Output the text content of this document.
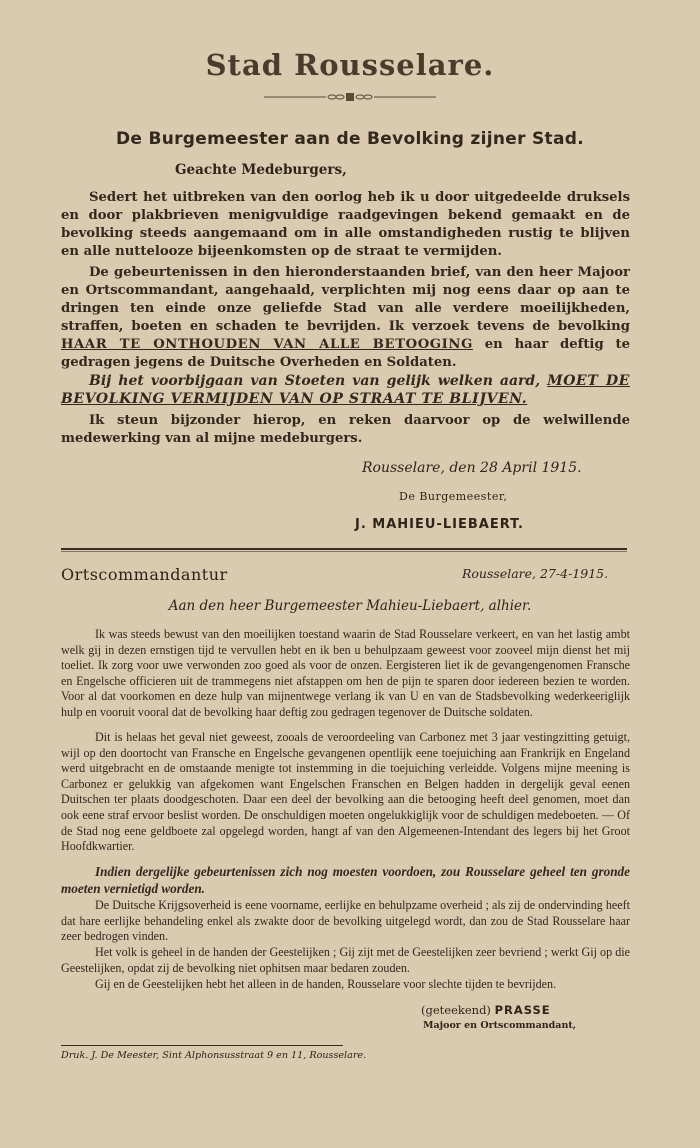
Stad Rousselare.
De Burgemeester aan de Bevolking zijner Stad.
Geachte Medeburgers,

Sedert het uitbreken van den oorlog heb ik u door uitgedeelde druksels en door plakbrieven menigvuldige raadgevingen bekend gemaakt en de bevolking steeds aangemaand om in alle omstandigheden rustig te blijven en alle nuttelooze bijeenkomsten op de straat te vermijden.

De gebeurtenissen in den hieronderstaanden brief, van den heer Majoor en Ortscommandant, aangehaald, verplichten mij nog eens daar op aan te dringen ten einde onze geliefde Stad van alle verdere moeilijkheden, straffen, boeten en schaden te bevrijden. Ik verzoek tevens de bevolking HAAR TE ONTHOUDEN VAN ALLE BETOOGING en haar deftig te gedragen jegens de Duitsche Overheden en Soldaten.

Bij het voorbijgaan van Stoeten van gelijk welken aard, MOET DE BEVOLKING VERMIJDEN VAN OP STRAAT TE BLIJVEN.

Ik steun bijzonder hierop, en reken daarvoor op de welwillende medewerking van al mijne medeburgers.

Rousselare, den 28 April 1915.
De Burgemeester,
J. MAHIEU-LIEBAERT.
Ortscommandantur	Rousselare, 27-4-1915.
Aan den heer Burgemeester Mahieu-Liebaert, alhier.

Ik was steeds bewust van den moeilijken toestand waarin de Stad Rousselare verkeert, en van het lastig ambt welk gij in dezen ernstigen tijd te vervullen hebt en ik ben u behulpzaam geweest voor zooveel mijn dienst het mij toeliet. Ik zorg voor uwe verwonden zoo goed als voor de onzen. Eergisteren liet ik de gevangengenomen Fransche en Engelsche officieren uit de trammegens niet afstappen om hen de pijn te sparen door iedereen bezien te worden. Voor al dat voorkomen en deze hulp van mijnentwege verlang ik van U en van de Stadsbevolking wederkeeriglijk hulp en vooruit vooral dat de bevolking haar deftig zou gedragen tegenover de Duitsche soldaten.

Dit is helaas het geval niet geweest, zooals de veroordeeling van Carbonez met 3 jaar vestingzitting getuigt, wijl op den doortocht van Fransche en Engelsche gevangenen opentlijk eene toejuiching aan Frankrijk en Engeland werd uitgebracht en de omstaande menigte tot instemming in die toejuiching verleidde. Volgens mijne meening is Carbonez er gelukkig van afgekomen want Engelschen Franschen en Belgen hadden in dergelijk geval eenen Duitschen ter plaats doodgeschoten. Daar een deel der bevolking aan die betooging heeft deel genomen, moet dan ook eene straf ervoor beslist worden. De onschuldigen moeten ongelukkiglijk voor de schuldigen medeboeten. — Of de Stad nog eene geldboete zal opgelegd worden, hangt af van den Algemeenen-Intendant des legers bij het Groot Hoofdkwartier.

Indien dergelijke gebeurtenissen zich nog moesten voordoen, zou Rousselare geheel ten gronde moeten vernietigd worden.

De Duitsche Krijgsoverheid is eene voorname, eerlijke en behulpzame overheid ; als zij de ondervinding heeft dat hare eerlijke behandeling enkel als zwakte door de bevolking uitgelegd wordt, dan zou de Stad Rousselare haar zeer bedrogen vinden.

Het volk is geheel in de handen der Geestelijken ; Gij zijt met de Geestelijken zeer bevriend ; werkt Gij op die Geestelijken, opdat zij de bevolking niet ophitsen maar bedaren zouden.

Gij en de Geestelijken hebt het alleen in de handen, Rousselare voor slechte tijden te bevrijden.

(geteekend) PRASSE
Majoor en Ortscommandant,
Druk. J. De Meester, Sint Alphonsusstraat 9 en 11, Rousselare.
